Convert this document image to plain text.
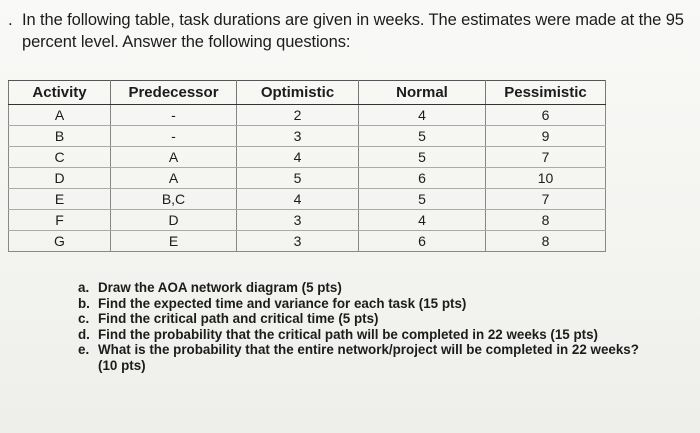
. In the following table, task durations are given in weeks. The estimates were made at the 95 percent level. Answer the following questions:
Activity	Predecessor	Optimistic	Normal	Pessimistic
A	-	2	4	6
B	-	3	5	9
C	A	4	5	7
D	A	5	6	10
E	B,C	4	5	7
F	D	3	4	8
G	E	3	6	8
a. Draw the AOA network diagram (5 pts)
b. Find the expected time and variance for each task (15 pts)
c. Find the critical path and critical time (5 pts)
d. Find the probability that the critical path will be completed in 22 weeks (15 pts)
e. What is the probability that the entire network/project will be completed in 22 weeks? (10 pts)
